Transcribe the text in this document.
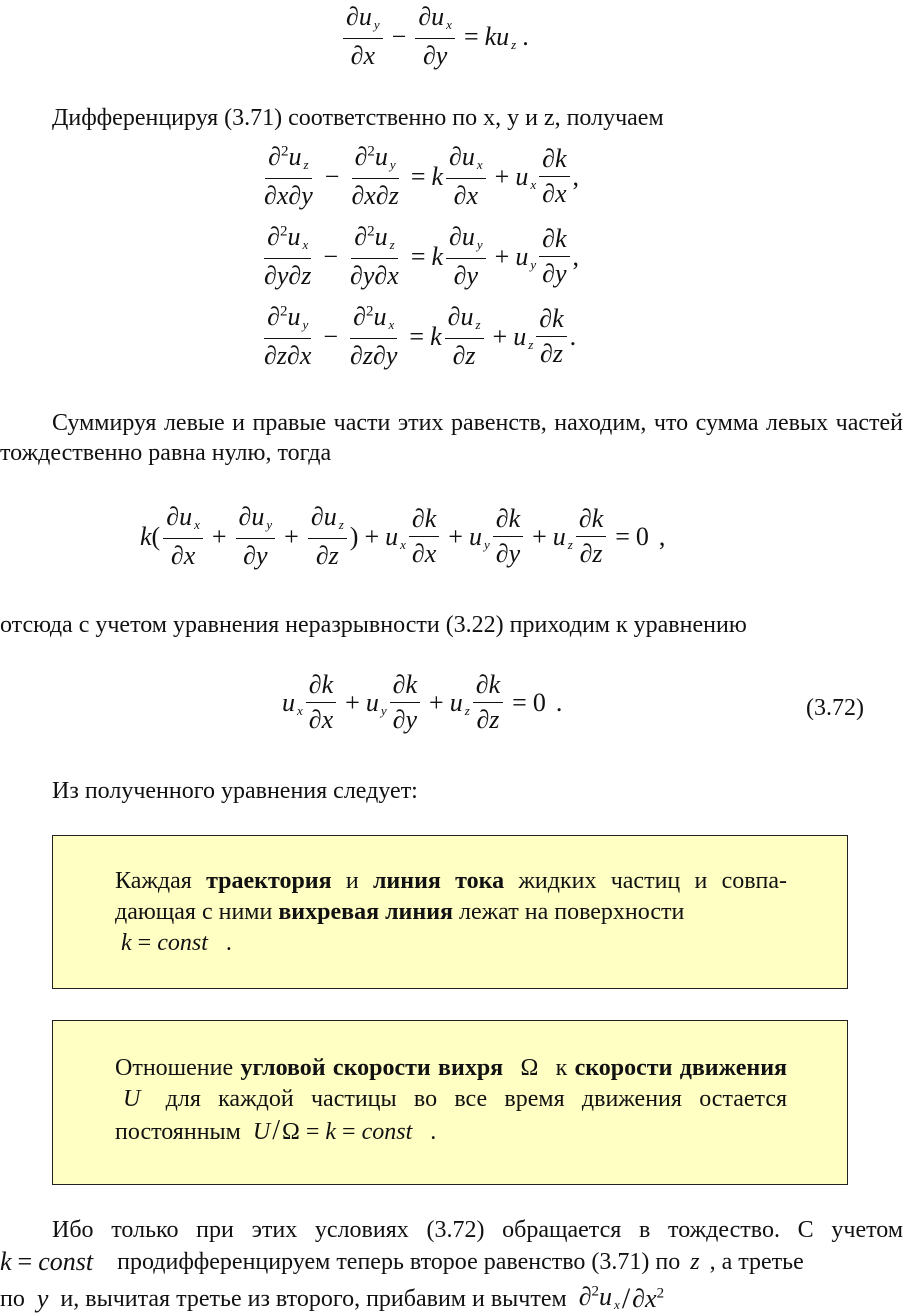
$\frac{\partial u _y}{\partial x} - \frac{\partial u _x}{\partial y}$ = ku $_z$ .
Дифференцируя (3.71) соответственно по x, y и z, получаем
$\frac{\partial^2u _z}{\partial x\partial y} - \frac{\partial^2u _y}{\partial x\partial z} = k \frac{\partial u _x}{\partial x} + u$ $_x \frac{\partial k}{\partial x}$ ,
$\frac{\partial^2u _x}{\partial y\partial z} - \frac{\partial^2u _z}{\partial y\partial x} = k \frac{\partial u _y}{\partial y} + u$ $_y \frac{\partial k}{\partial y}$ ,
$\frac{\partial^2u _y}{\partial z\partial x} - \frac{\partial^2u _x}{\partial z\partial y} = k \frac{\partial u _z}{\partial z} + u$ $_z \frac{\partial k}{\partial z}$ .
Суммируя левые и правые части этих равенств, находим, что сумма левых частей тождественно равна нулю, тогда
k ( $\frac{\partial u _x}{\partial x} + \frac{\partial u _y}{\partial y} + \frac{\partial u _z}{\partial z}$ ) + u $_x \frac{\partial k}{\partial x} + u$ $_y \frac{\partial k}{\partial y} + u$ $_z \frac{\partial k}{\partial z} = 0$ ,
отсюда с учетом уравнения неразрывности (3.22) приходим к уравнению
u $_x \frac{\partial k}{\partial x} + u$ $_y \frac{\partial k}{\partial y} + u$ $_z \frac{\partial k}{\partial z} = 0$ .	(3.72)
Из полученного уравнения следует:
Каждая траектория и линия тока жидких частиц и совпа-дающая с ними вихревая линия лежат на поверхности
k = const .
Отношение угловой скорости вихря Ω к скорости движения U для каждой частицы во все время движения остается постоянным U/Ω = k = const .
Ибо только при этих условиях (3.72) обращается в тождество. С учетом
k = const продифференцируем теперь второе равенство (3.71) по z , а третье
по y и, вычитая третье из второго, прибавим и вычтем ∂$^2$u $_x / \partial x^2$
